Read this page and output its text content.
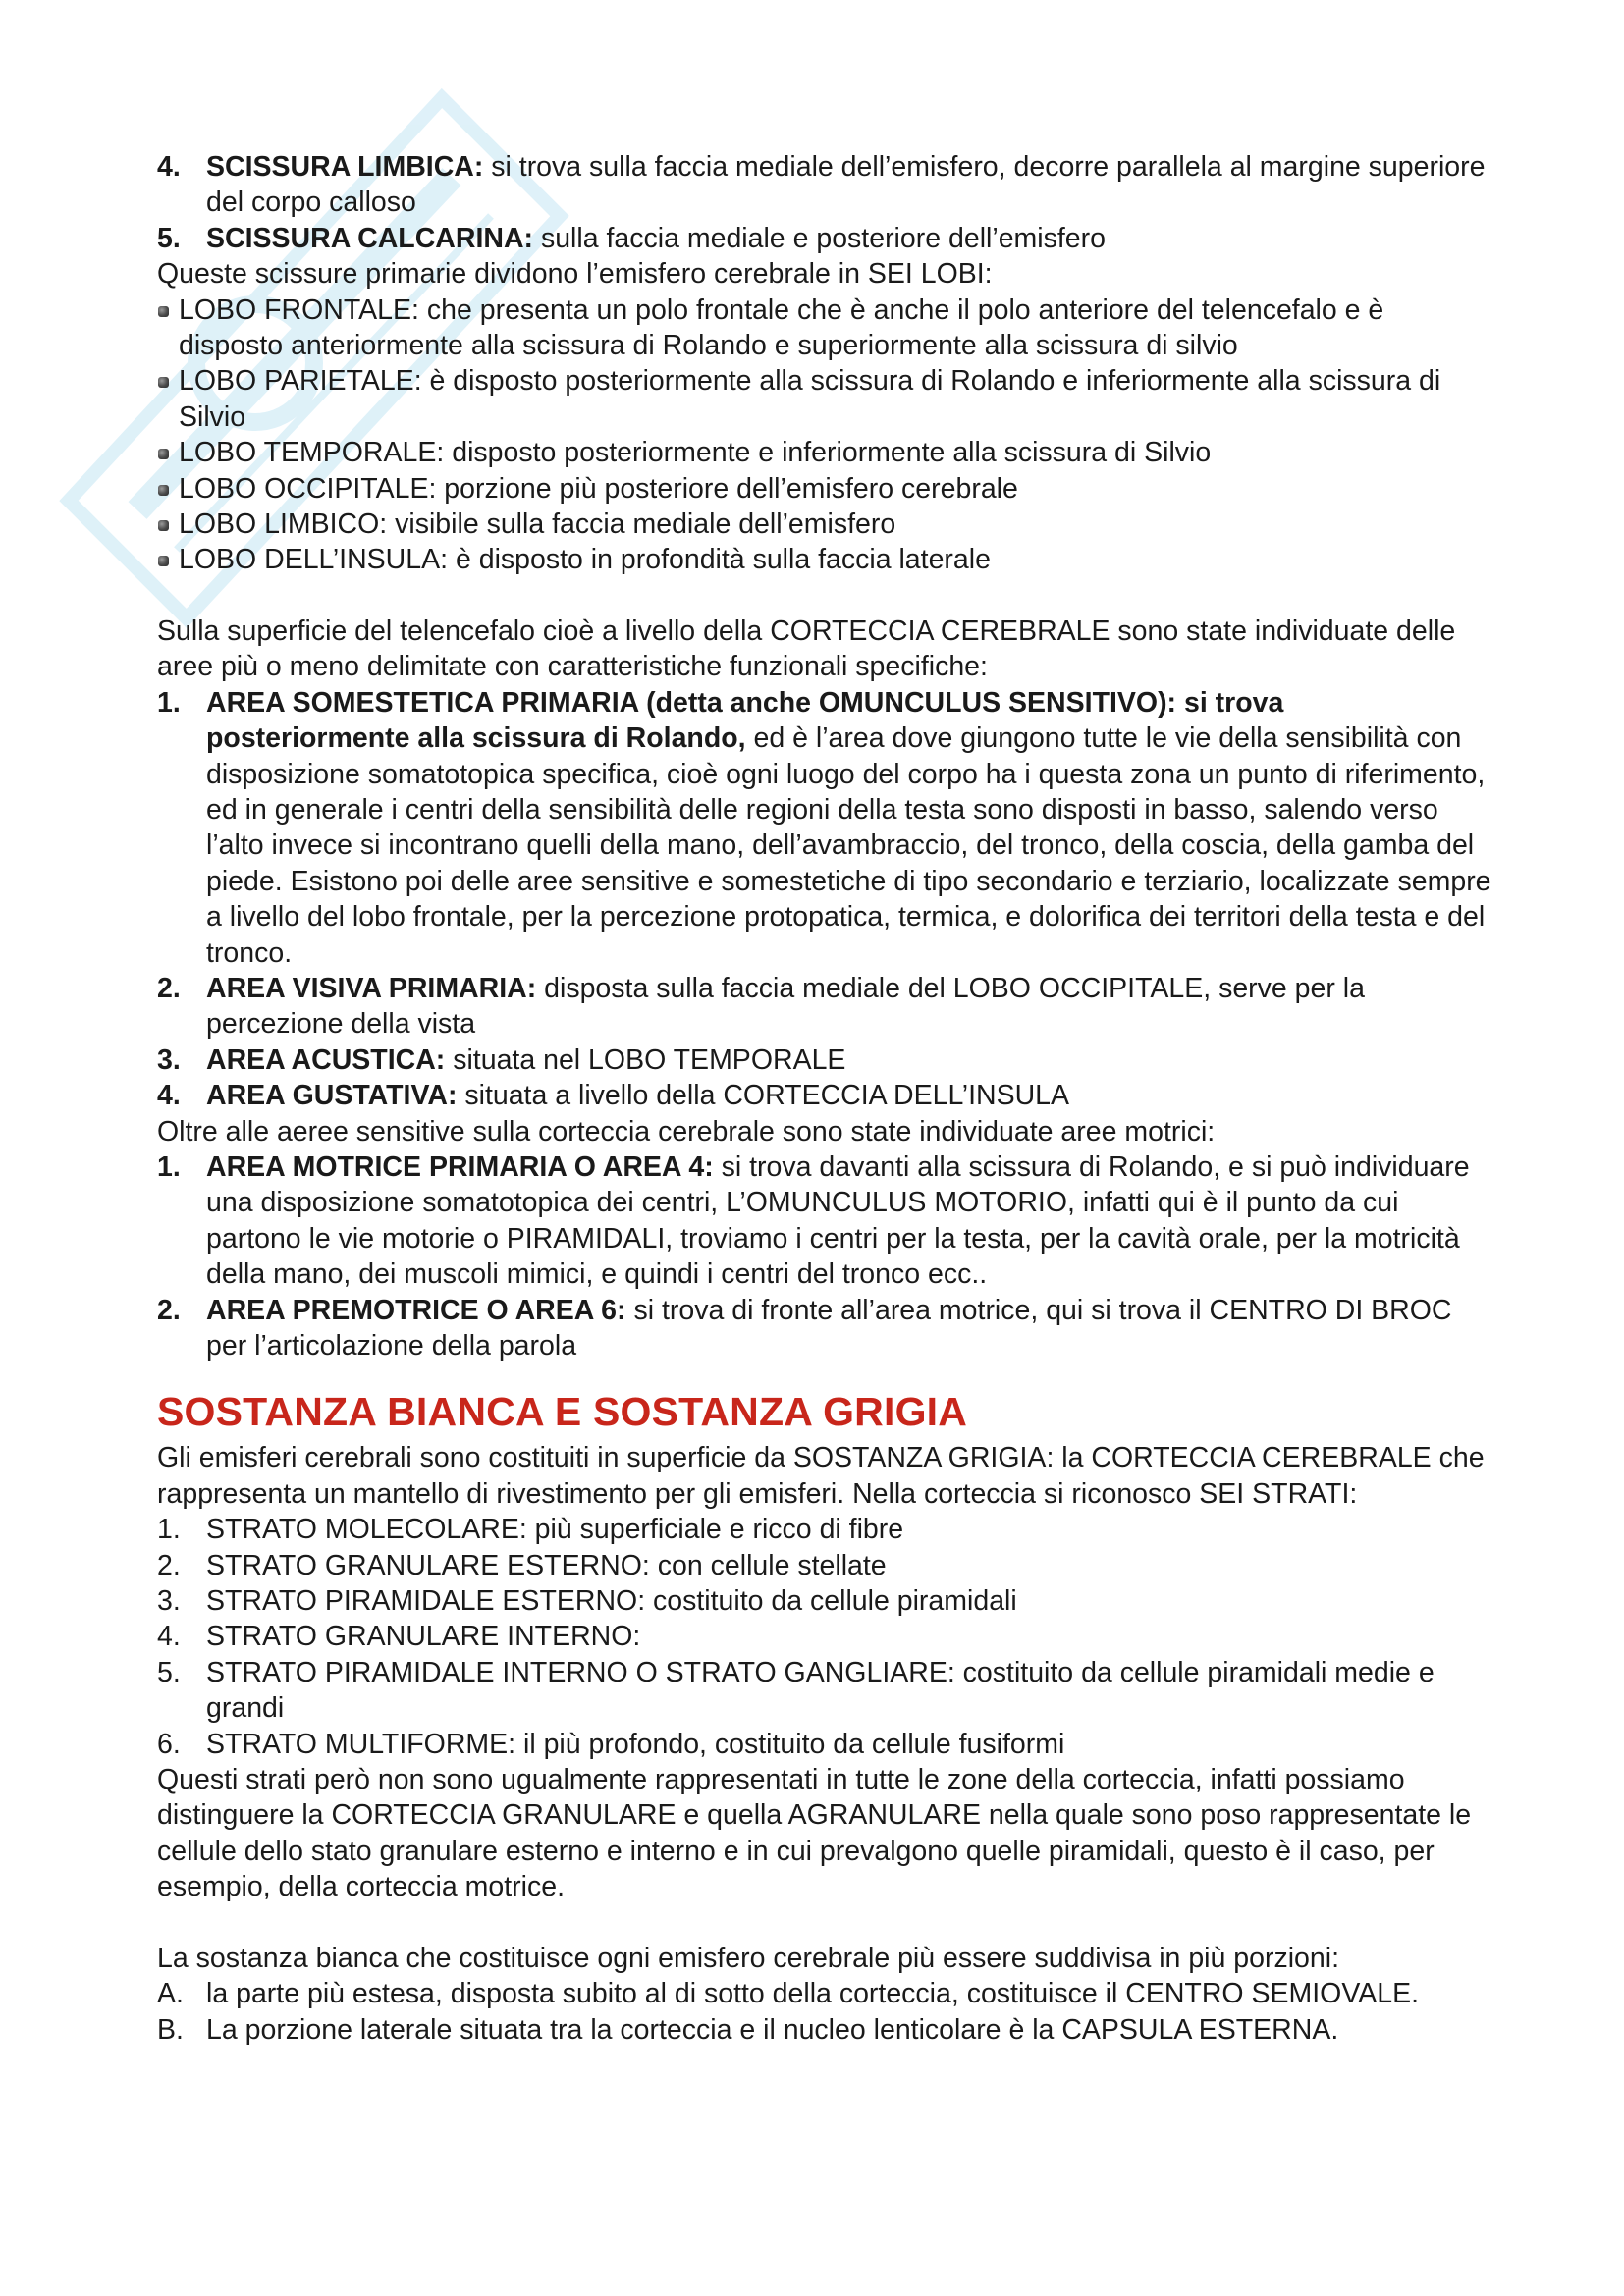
4. SCISSURA LIMBICA: si trova sulla faccia mediale dell’emisfero, decorre parallela al margine superiore del corpo calloso
5. SCISSURA CALCARINA: sulla faccia mediale e posteriore dell’emisfero

Queste scissure primarie dividono l’emisfero cerebrale in SEI LOBI:

LOBO FRONTALE: che presenta un polo frontale che è anche il polo anteriore del telencefalo e è disposto anteriormente alla scissura di Rolando e superiormente alla scissura di silvio
LOBO PARIETALE: è disposto posteriormente alla scissura di Rolando e inferiormente alla scissura di Silvio
LOBO TEMPORALE: disposto posteriormente e inferiormente alla scissura di Silvio
LOBO OCCIPITALE: porzione più posteriore dell’emisfero cerebrale
LOBO LIMBICO: visibile sulla faccia mediale dell’emisfero
LOBO DELL’INSULA: è disposto in profondità sulla faccia laterale

Sulla superficie del telencefalo cioè a livello della CORTECCIA CEREBRALE sono state individuate delle aree più o meno delimitate con caratteristiche funzionali specifiche:

1. AREA SOMESTETICA PRIMARIA (detta anche OMUNCULUS SENSITIVO): si trova posteriormente alla scissura di Rolando, ed è l’area dove giungono tutte le vie della sensibilità con disposizione somatotopica specifica, cioè ogni luogo del corpo ha i questa zona un punto di riferimento, ed in generale i centri della sensibilità delle regioni della testa sono disposti in basso, salendo verso l’alto invece si incontrano quelli della mano, dell’avambraccio, del tronco, della coscia, della gamba del piede. Esistono poi delle aree sensitive e somestetiche di tipo secondario e terziario, localizzate sempre a livello del lobo frontale, per la percezione protopatica, termica, e dolorifica dei territori della testa e del tronco.
2. AREA VISIVA PRIMARIA: disposta sulla faccia mediale del LOBO OCCIPITALE, serve per la percezione della vista
3. AREA ACUSTICA: situata nel LOBO TEMPORALE
4. AREA GUSTATIVA: situata a livello della CORTECCIA DELL’INSULA

Oltre alle aeree sensitive sulla corteccia cerebrale sono state individuate aree motrici:

1. AREA MOTRICE PRIMARIA O AREA 4: si trova davanti alla scissura di Rolando, e si può individuare una disposizione somatotopica dei centri, L’OMUNCULUS MOTORIO, infatti qui è il punto da cui partono le vie motorie o PIRAMIDALI, troviamo i centri per la testa, per la cavità orale, per la motricità della mano, dei muscoli mimici, e quindi i centri del tronco ecc..
2. AREA PREMOTRICE O AREA 6: si trova di fronte all’area motrice, qui si trova il CENTRO DI BROC per l’articolazione della parola
SOSTANZA BIANCA E SOSTANZA GRIGIA

Gli emisferi cerebrali sono costituiti in superficie da SOSTANZA GRIGIA: la CORTECCIA CEREBRALE che rappresenta un mantello di rivestimento per gli emisferi. Nella corteccia si riconosco SEI STRATI:

1. STRATO MOLECOLARE: più superficiale e ricco di fibre
2. STRATO GRANULARE ESTERNO: con cellule stellate
3. STRATO PIRAMIDALE ESTERNO: costituito da cellule piramidali
4. STRATO GRANULARE INTERNO:
5. STRATO PIRAMIDALE INTERNO O STRATO GANGLIARE: costituito da cellule piramidali medie e grandi
6. STRATO MULTIFORME: il più profondo, costituito da cellule fusiformi

Questi strati però non sono ugualmente rappresentati in tutte le zone della corteccia, infatti possiamo distinguere la CORTECCIA GRANULARE e quella AGRANULARE nella quale sono poso rappresentate le cellule dello stato granulare esterno e interno e in cui prevalgono quelle piramidali, questo è il caso, per esempio, della corteccia motrice.

La sostanza bianca che costituisce ogni emisfero cerebrale più essere suddivisa in più porzioni:

A. la parte più estesa, disposta subito al di sotto della corteccia, costituisce il CENTRO SEMIOVALE.
B. La porzione laterale situata tra la corteccia e il nucleo lenticolare è la CAPSULA ESTERNA.
